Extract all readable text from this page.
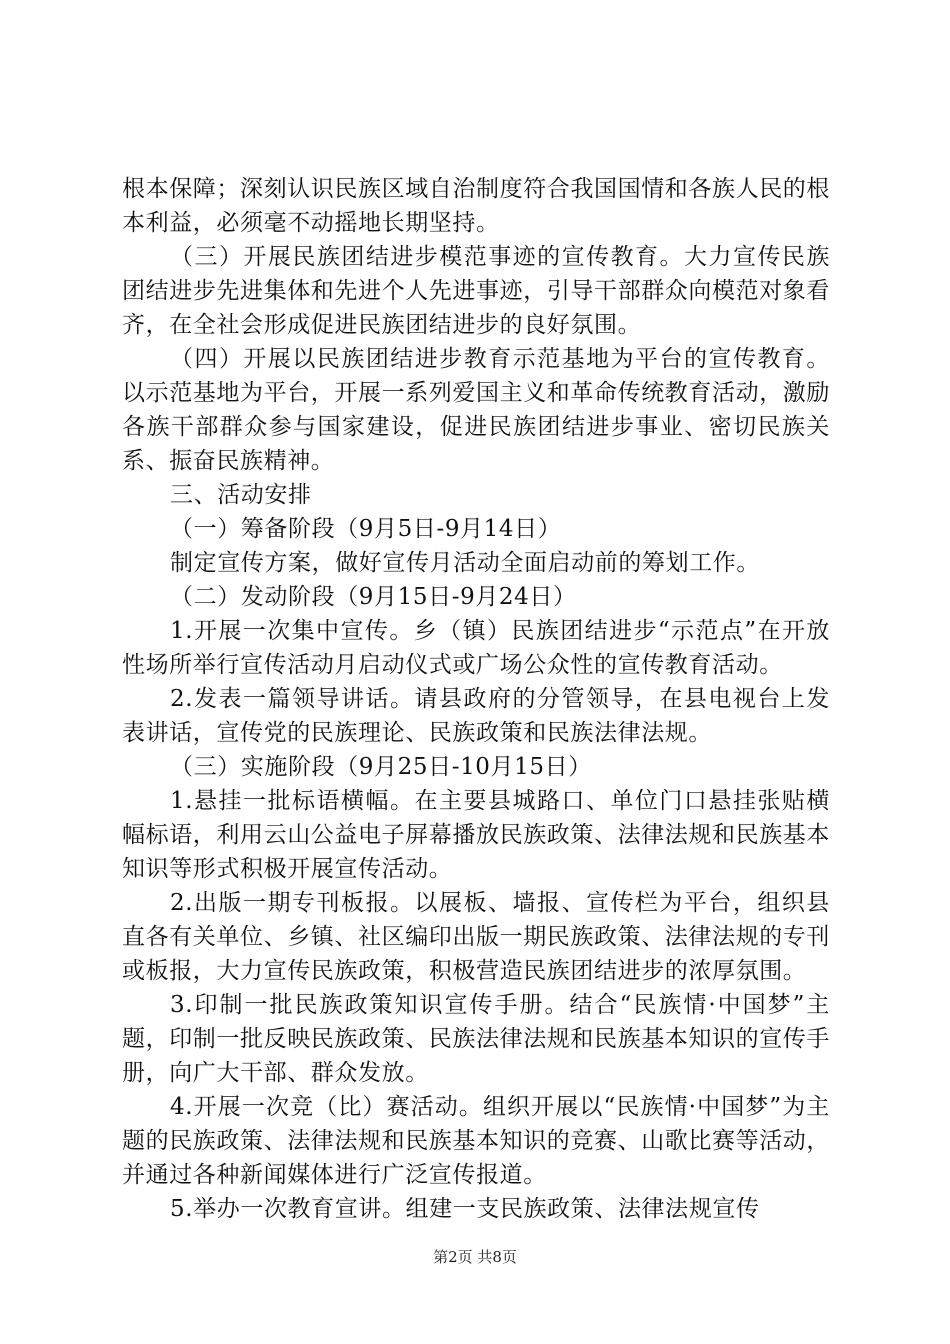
根本保障；深刻认识民族区域自治制度符合我国国情和各族人民的根本利益，必须毫不动摇地长期坚持。

（三）开展民族团结进步模范事迹的宣传教育。大力宣传民族团结进步先进集体和先进个人先进事迹，引导干部群众向模范对象看齐，在全社会形成促进民族团结进步的良好氛围。

（四）开展以民族团结进步教育示范基地为平台的宣传教育。以示范基地为平台，开展一系列爱国主义和革命传统教育活动，激励各族干部群众参与国家建设，促进民族团结进步事业、密切民族关系、振奋民族精神。

三、活动安排

（一）筹备阶段（9月5日-9月14日）

制定宣传方案，做好宣传月活动全面启动前的筹划工作。

（二）发动阶段（9月15日-9月24日）

1.开展一次集中宣传。乡（镇）民族团结进步“示范点”在开放性场所举行宣传活动月启动仪式或广场公众性的宣传教育活动。

2.发表一篇领导讲话。请县政府的分管领导，在县电视台上发表讲话，宣传党的民族理论、民族政策和民族法律法规。

（三）实施阶段（9月25日-10月15日）

1.悬挂一批标语横幅。在主要县城路口、单位门口悬挂张贴横幅标语，利用云山公益电子屏幕播放民族政策、法律法规和民族基本知识等形式积极开展宣传活动。

2.出版一期专刊板报。以展板、墙报、宣传栏为平台，组织县直各有关单位、乡镇、社区编印出版一期民族政策、法律法规的专刊或板报，大力宣传民族政策，积极营造民族团结进步的浓厚氛围。

3.印制一批民族政策知识宣传手册。结合“民族情·中国梦”主题，印制一批反映民族政策、民族法律法规和民族基本知识的宣传手册，向广大干部、群众发放。

4.开展一次竞（比）赛活动。组织开展以“民族情·中国梦”为主题的民族政策、法律法规和民族基本知识的竞赛、山歌比赛等活动，并通过各种新闻媒体进行广泛宣传报道。

5.举办一次教育宣讲。组建一支民族政策、法律法规宣传

第2页 共8页
